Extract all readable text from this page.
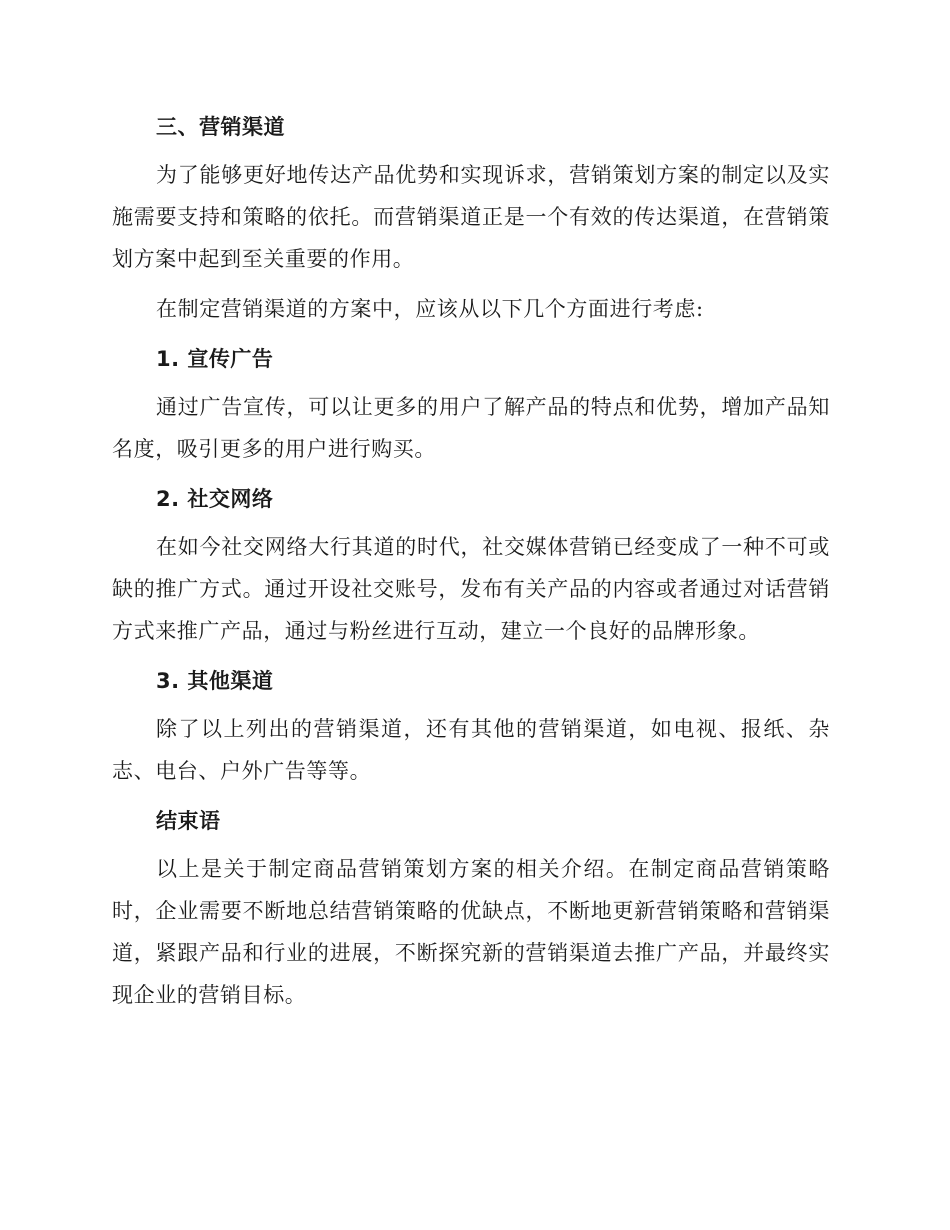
三、营销渠道

为了能够更好地传达产品优势和实现诉求，营销策划方案的制定以及实施需要支持和策略的依托。而营销渠道正是一个有效的传达渠道，在营销策划方案中起到至关重要的作用。

在制定营销渠道的方案中，应该从以下几个方面进行考虑:

1. 宣传广告

通过广告宣传，可以让更多的用户了解产品的特点和优势，增加产品知名度，吸引更多的用户进行购买。

2. 社交网络

在如今社交网络大行其道的时代，社交媒体营销已经变成了一种不可或缺的推广方式。通过开设社交账号，发布有关产品的内容或者通过对话营销方式来推广产品，通过与粉丝进行互动，建立一个良好的品牌形象。

3. 其他渠道

除了以上列出的营销渠道，还有其他的营销渠道，如电视、报纸、杂志、电台、户外广告等等。

结束语

以上是关于制定商品营销策划方案的相关介绍。在制定商品营销策略时，企业需要不断地总结营销策略的优缺点，不断地更新营销策略和营销渠道，紧跟产品和行业的进展，不断探究新的营销渠道去推广产品，并最终实现企业的营销目标。
